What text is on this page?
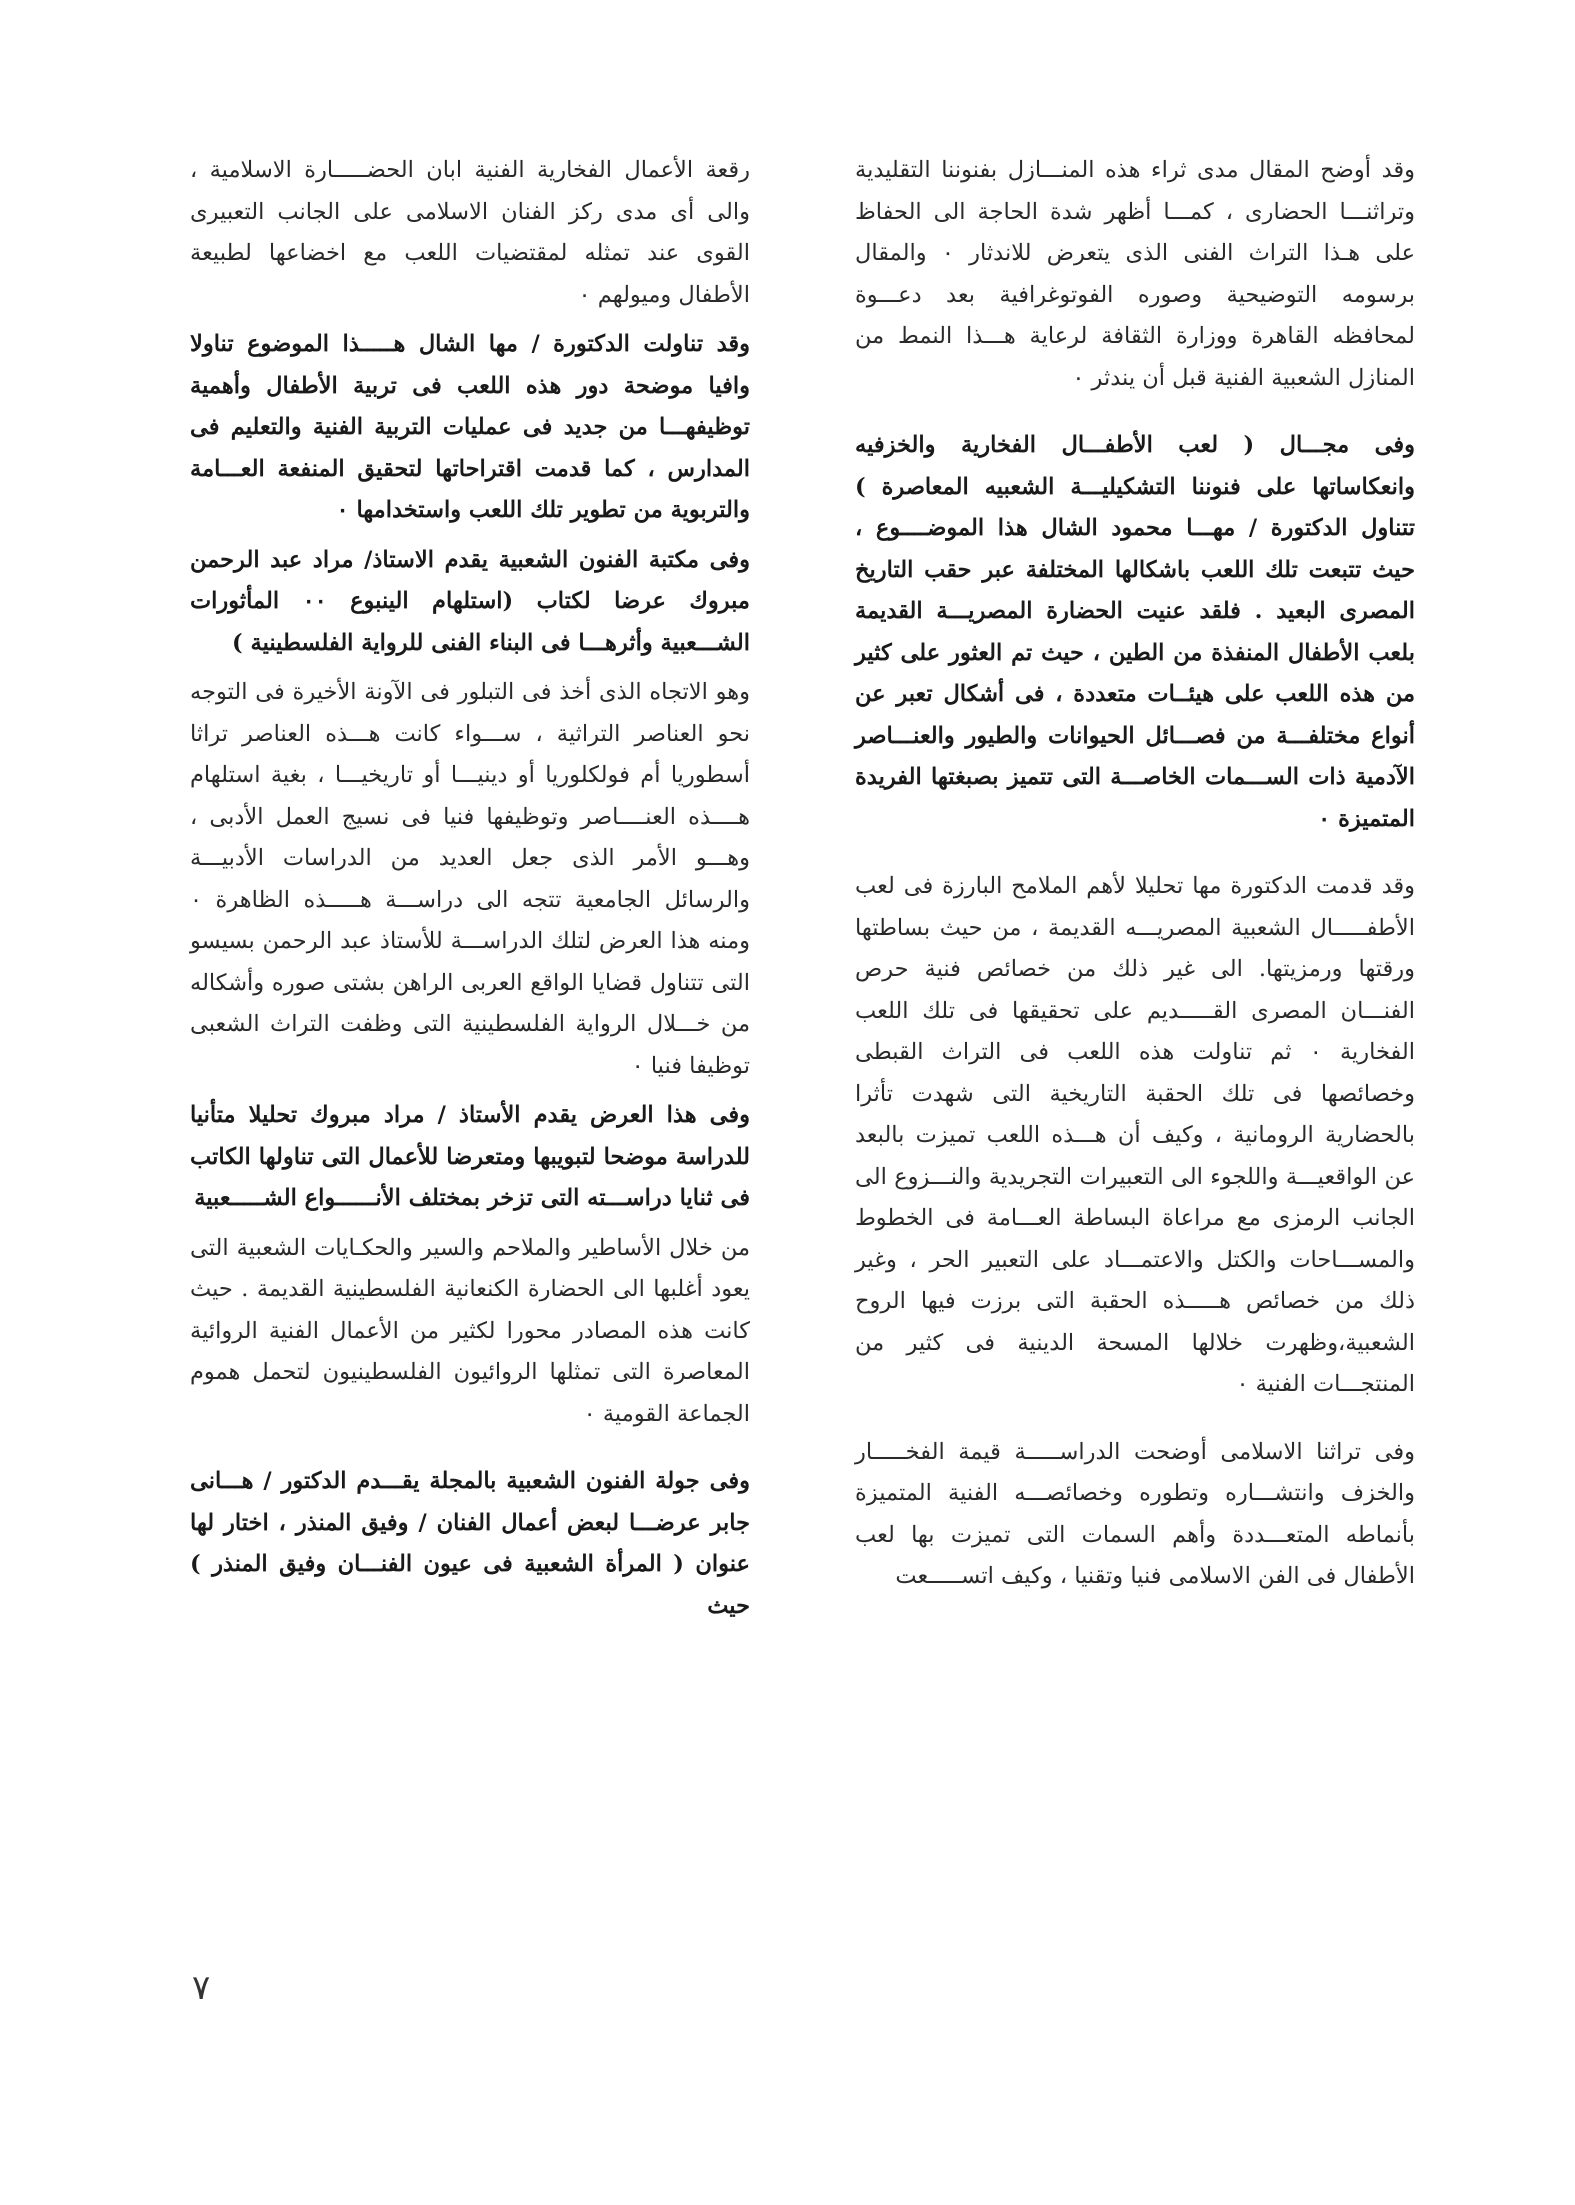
وقد أوضح المقال مدى ثراء هذه المنـــازل بفنوننا التقليدية وتراثنـــا الحضارى ، كمـــا أظهر شدة الحاجة الى الحفاظ على هـذا التراث الفنى الذى يتعرض للاندثار ٠ والمقال برسومه التوضيحية وصوره الفوتوغرافية بعد دعـــوة لمحافظه القاهرة ووزارة الثقافة لرعاية هـــذا النمط من المنازل الشعبية الفنية قبل أن يندثر ٠

وفى مجـــال ( لعب الأطفـــال الفخارية والخزفيه وانعكاساتها على فنوننا التشكيليـــة الشعبيه المعاصرة ) تتناول الدكتورة / مهـــا محمود الشال هذا الموضــــوع ، حيث تتبعت تلك اللعب باشكالها المختلفة عبر حقب التاريخ المصرى البعيد . فلقد عنيت الحضارة المصريـــة القديمة بلعب الأطفال المنفذة من الطين ، حيث تم العثور على كثير من هذه اللعب على هيئــات متعددة ، فى أشكال تعبر عن أنواع مختلفـــة من فصـــائل الحيوانات والطيور والعنـــاصر الآدمية ذات الســـمات الخاصـــة التى تتميز بصبغتها الفريدة المتميزة ٠

وقد قدمت الدكتورة مها تحليلا لأهم الملامح البارزة فى لعب الأطفـــــال الشعبية المصريـــه القديمة ، من حيث بساطتها ورقتها ورمزيتها. الى غير ذلك من خصائص فنية حرص الفنـــان المصرى القـــــديم على تحقيقها فى تلك اللعب الفخارية ٠ ثم تناولت هذه اللعب فى التراث القبطى وخصائصها فى تلك الحقبة التاريخية التى شهدت تأثرا بالحضارية الرومانية ، وكيف أن هـــذه اللعب تميزت بالبعد عن الواقعيـــة واللجوء الى التعبيرات التجريدية والنـــزوع الى الجانب الرمزى مع مراعاة البساطة العـــامة فى الخطوط والمســـاحات والكتل والاعتمـــاد على التعبير الحر ، وغير ذلك من خصائص هـــــذه الحقبة التى برزت فيها الروح الشعبية،وظهرت خلالها المسحة الدينية فى كثير من المنتجـــات الفنية ٠

وفى تراثنا الاسلامى أوضحت الدراســـــة قيمة الفخـــــار والخزف وانتشـــاره وتطوره وخصائصـــه الفنية المتميزة بأنماطه المتعـــددة وأهم السمات التى تميزت بها لعب الأطفال فى الفن الاسلامى فنيا وتقنيا ، وكيف اتســـــعت

رقعة الأعمال الفخارية الفنية ابان الحضـــــارة الاسلامية ، والى أى مدى ركز الفنان الاسلامى على الجانب التعبيرى القوى عند تمثله لمقتضيات اللعب مع اخضاعها لطبيعة الأطفال وميولهم ٠

وقد تناولت الدكتورة / مها الشال هـــــذا الموضوع تناولا وافيا موضحة دور هذه اللعب فى تربية الأطفال وأهمية توظيفهـــا من جديد فى عمليات التربية الفنية والتعليم فى المدارس ، كما قدمت اقتراحاتها لتحقيق المنفعة العـــامة والتربوية من تطوير تلك اللعب واستخدامها ٠

وفى مكتبة الفنون الشعبية يقدم الاستاذ/ مراد عبد الرحمن مبروك عرضا لكتاب (استلهام الينبوع ٠٠ المأثورات الشـــعبية وأثرهـــا فى البناء الفنى للرواية الفلسطينية )

وهو الاتجاه الذى أخذ فى التبلور فى الآونة الأخيرة فى التوجه نحو العناصر التراثية ، ســـواء كانت هـــذه العناصر تراثا أسطوريا أم فولكلوريا أو دينيـــا أو تاريخيـــا ، بغية استلهام هــــذه العنــــاصر وتوظيفها فنيا فى نسيج العمل الأدبى ، وهـــو الأمر الذى جعل العديد من الدراسات الأدبيـــة والرسائل الجامعية تتجه الى دراســـة هـــــذه الظاهرة ٠ ومنه هذا العرض لتلك الدراســـة للأستاذ عبد الرحمن بسيسو التى تتناول قضايا الواقع العربى الراهن بشتى صوره وأشكاله من خـــلال الرواية الفلسطينية التى وظفت التراث الشعبى توظيفا فنيا ٠

وفى هذا العرض يقدم الأستاذ / مراد مبروك تحليلا متأنيا للدراسة موضحا لتبويبها ومتعرضا للأعمال التى تناولها الكاتب فى ثنايا دراســـته التى تزخر بمختلف الأنــــــواع الشـــــعبية

من خلال الأساطير والملاحم والسير والحكـايات الشعبية التى يعود أغلبها الى الحضارة الكنعانية الفلسطينية القديمة . حيث كانت هذه المصادر محورا لكثير من الأعمال الفنية الروائية المعاصرة التى تمثلها الروائيون الفلسطينيون لتحمل هموم الجماعة القومية ٠

وفى جولة الفنون الشعبية بالمجلة يقـــدم الدكتور / هـــانى جابر عرضـــا لبعض أعمال الفنان / وفيق المنذر ، اختار لها عنوان ( المرأة الشعبية فى عيون الفنـــان وفيق المنذر ) حيث

٧
